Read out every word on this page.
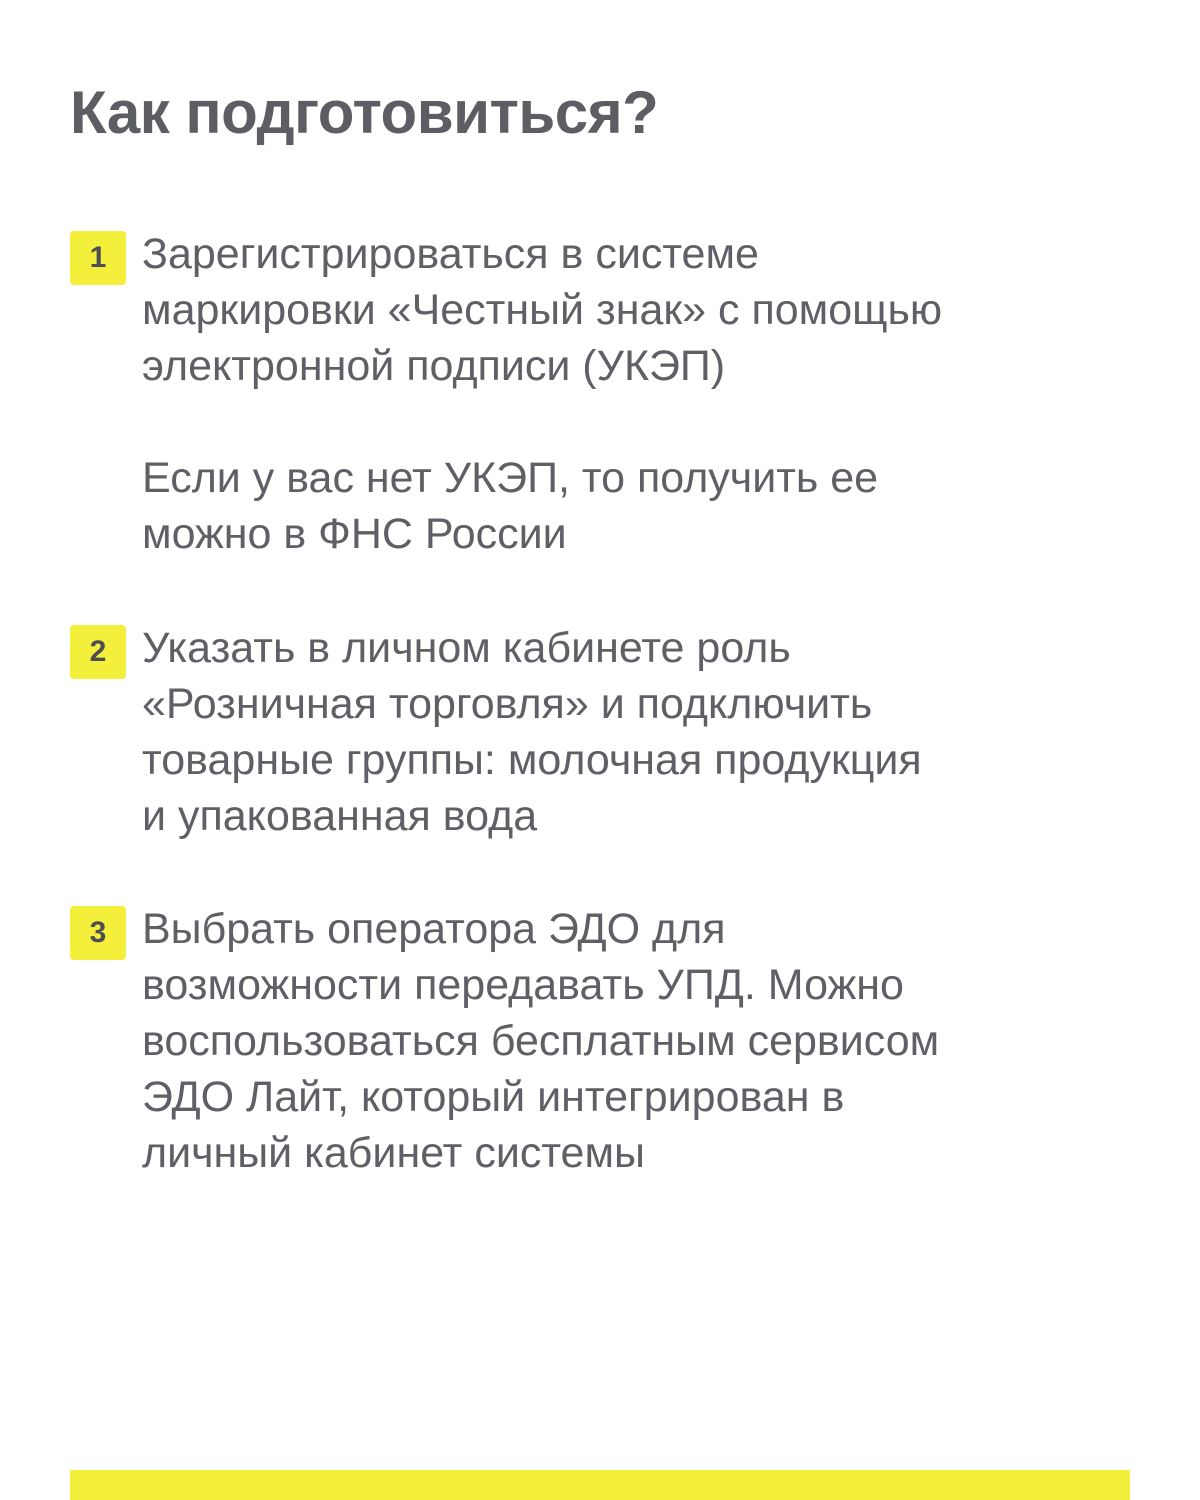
Как подготовиться?
1 Зарегистрироваться в системе
маркировки «Честный знак» с помощью
электронной подписи (УКЭП)

Если у вас нет УКЭП, то получить ее
можно в ФНС России

2 Указать в личном кабинете роль
«Розничная торговля» и подключить
товарные группы: молочная продукция
и упакованная вода

3 Выбрать оператора ЭДО для
возможности передавать УПД. Можно
воспользоваться бесплатным сервисом
ЭДО Лайт, который интегрирован в
личный кабинет системы
